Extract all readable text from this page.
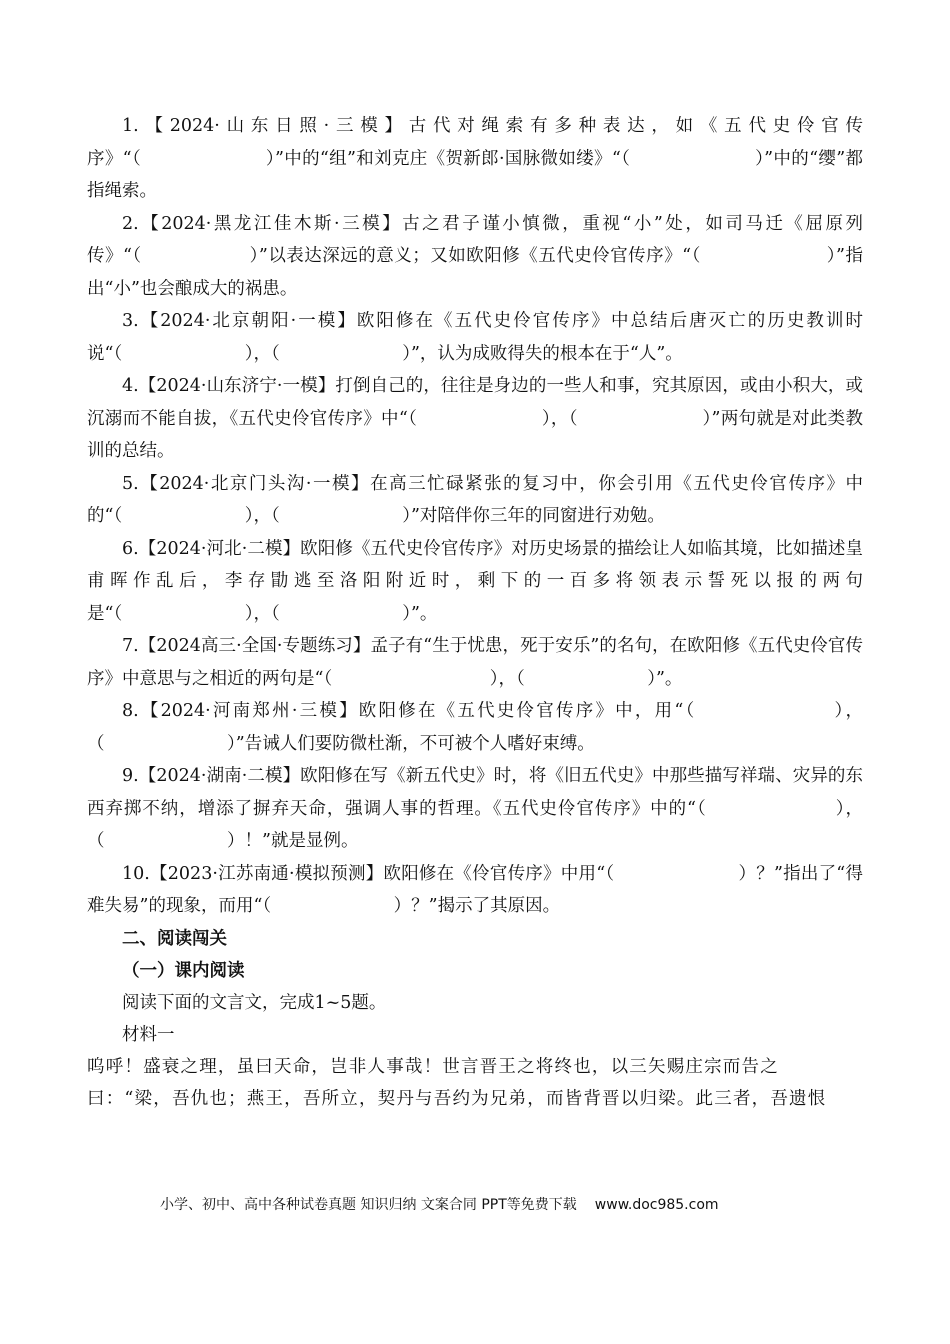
1.【2024·山东日照·三模】古代对绳索有多种表达，如《五代史伶官传序》“（　　　　　　　）”中的“组”和刘克庄《贺新郎·国脉微如缕》“（　　　　　　　）”中的“缨”都指绳索。

2.【2024·黑龙江佳木斯·三模】古之君子谨小慎微，重视“小”处，如司马迁《屈原列传》“（　　　　　　）”以表达深远的意义；又如欧阳修《五代史伶官传序》“（　　　　　　　）”指出“小”也会酿成大的祸患。

3.【2024·北京朝阳·一模】欧阳修在《五代史伶官传序》中总结后唐灭亡的历史教训时说“（　　　　　　　），（　　　　　　　）”，认为成败得失的根本在于“人”。

4.【2024·山东济宁·一模】打倒自己的，往往是身边的一些人和事，究其原因，或由小积大，或沉溺而不能自拔，《五代史伶官传序》中“（　　　　　　　），（　　　　　　　）”两句就是对此类教训的总结。

5.【2024·北京门头沟·一模】在高三忙碌紧张的复习中，你会引用《五代史伶官传序》中的“（　　　　　　　），（　　　　　　　）”对陪伴你三年的同窗进行劝勉。

6.【2024·河北·二模】欧阳修《五代史伶官传序》对历史场景的描绘让人如临其境，比如描述皇甫晖作乱后，李存勖逃至洛阳附近时，剩下的一百多将领表示誓死以报的两句是“（　　　　　　　），（　　　　　　　）”。

7.【2024高三·全国·专题练习】孟子有“生于忧患，死于安乐”的名句，在欧阳修《五代史伶官传序》中意思与之相近的两句是“（　　　　　　　　　），（　　　　　　　）”。

8.【2024·河南郑州·三模】欧阳修在《五代史伶官传序》中，用“（　　　　　　　），（　　　　　　　）”告诫人们要防微杜渐，不可被个人嗜好束缚。

9.【2024·湖南·二模】欧阳修在写《新五代史》时，将《旧五代史》中那些描写祥瑞、灾异的东西弃掷不纳，增添了摒弃天命，强调人事的哲理。《五代史伶官传序》中的“（　　　　　　　），（　　　　　　　）！”就是显例。

10.【2023·江苏南通·模拟预测】欧阳修在《伶官传序》中用“（　　　　　　　）？”指出了“得难失易”的现象，而用“（　　　　　　　）？”揭示了其原因。

二、阅读闯关

（一）课内阅读

阅读下面的文言文，完成1~5题。

材料一

呜呼！盛衰之理，虽曰天命，岂非人事哉！世言晋王之将终也，以三矢赐庄宗而告之曰：“梁，吾仇也；燕王，吾所立，契丹与吾约为兄弟，而皆背晋以归梁。此三者，吾遗恨

小学、初中、高中各种试卷真题 知识归纳 文案合同 PPT等免费下载 www.doc985.com
